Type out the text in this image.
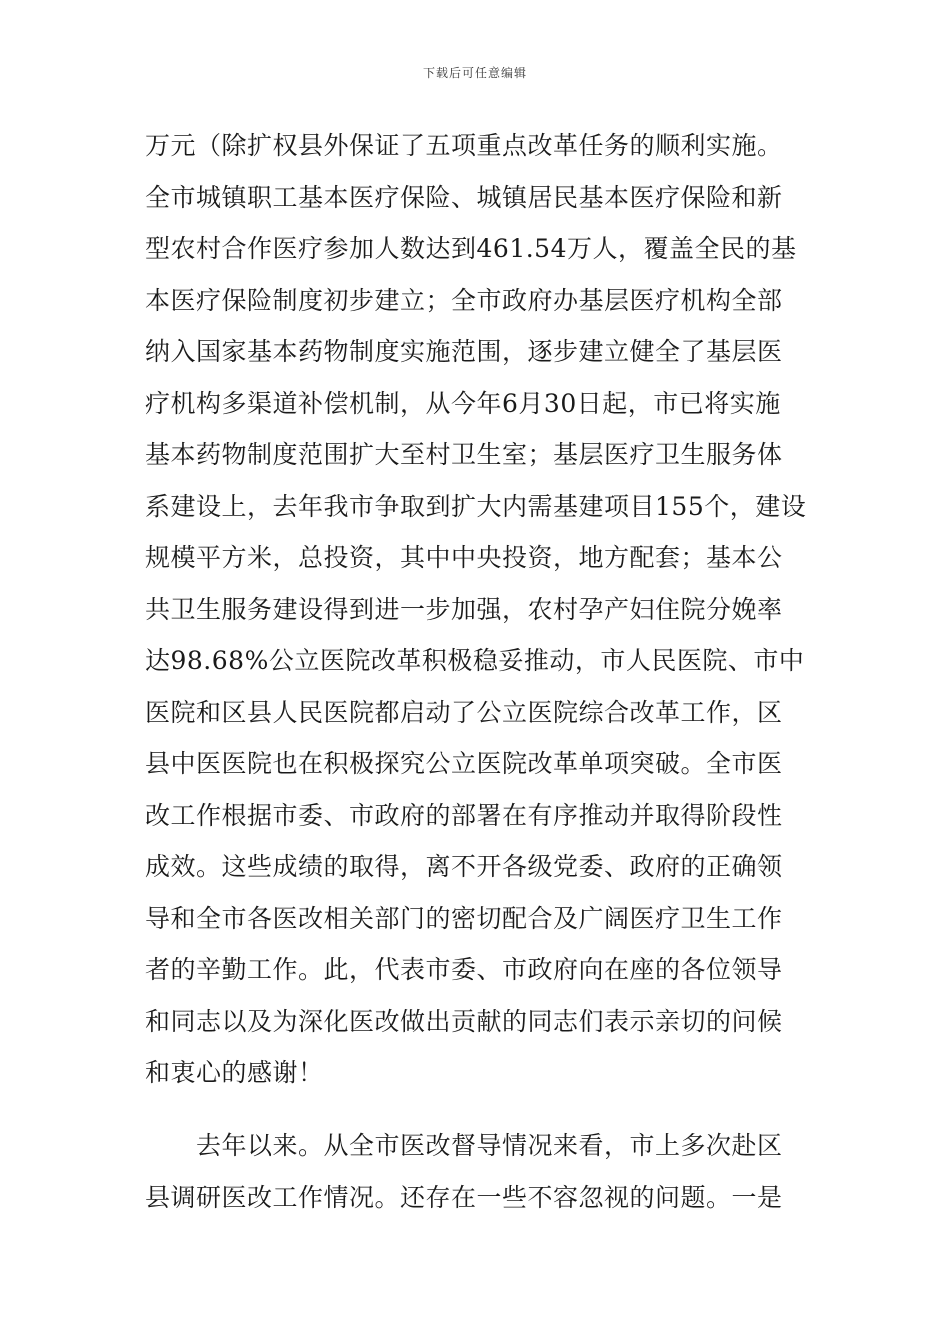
下载后可任意编辑
万元（除扩权县外保证了五项重点改革任务的顺利实施。
全市城镇职工基本医疗保险、城镇居民基本医疗保险和新
型农村合作医疗参加人数达到461.54万人，覆盖全民的基
本医疗保险制度初步建立；全市政府办基层医疗机构全部
纳入国家基本药物制度实施范围，逐步建立健全了基层医
疗机构多渠道补偿机制，从今年6月30日起，市已将实施
基本药物制度范围扩大至村卫生室；基层医疗卫生服务体
系建设上，去年我市争取到扩大内需基建项目155个，建设
规模平方米，总投资，其中中央投资，地方配套；基本公
共卫生服务建设得到进一步加强，农村孕产妇住院分娩率
达98.68%公立医院改革积极稳妥推动，市人民医院、市中
医院和区县人民医院都启动了公立医院综合改革工作，区
县中医医院也在积极探究公立医院改革单项突破。全市医
改工作根据市委、市政府的部署在有序推动并取得阶段性
成效。这些成绩的取得，离不开各级党委、政府的正确领
导和全市各医改相关部门的密切配合及广阔医疗卫生工作
者的辛勤工作。此，代表市委、市政府向在座的各位领导
和同志以及为深化医改做出贡献的同志们表示亲切的问候
和衷心的感谢！
　　去年以来。从全市医改督导情况来看，市上多次赴区
县调研医改工作情况。还存在一些不容忽视的问题。一是
